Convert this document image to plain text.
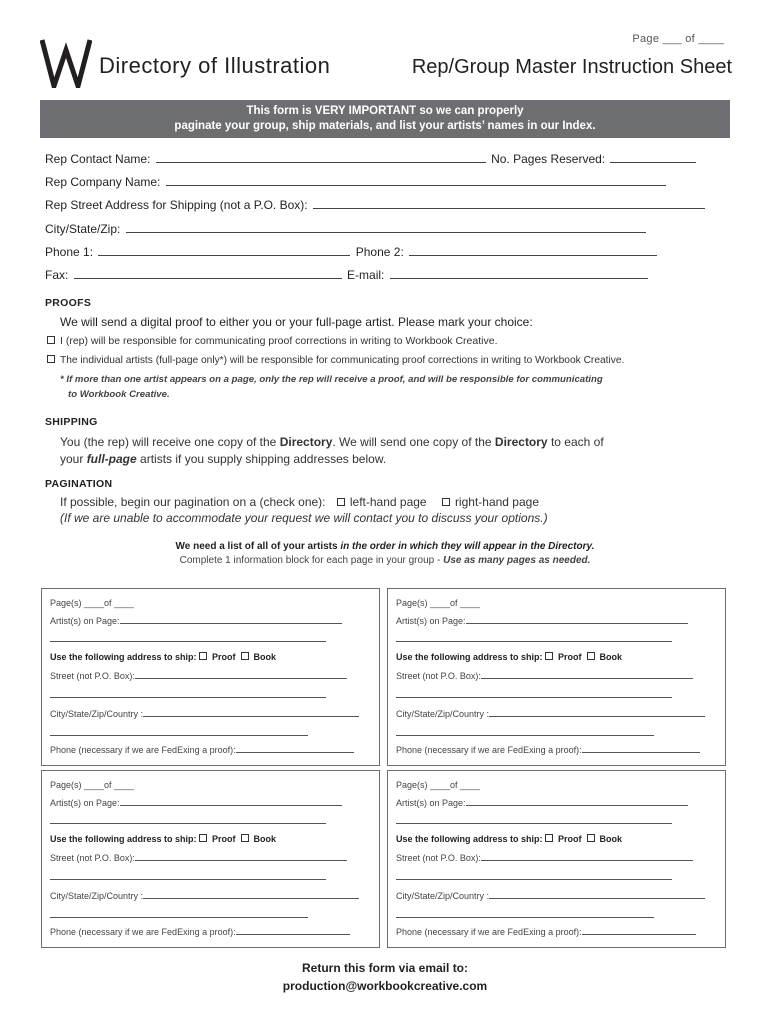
Page ___ of ____
Directory of Illustration	Rep/Group Master Instruction Sheet
This form is VERY IMPORTANT so we can properly
paginate your group, ship materials, and list your artists’ names in our Index.
Rep Contact Name:	No. Pages Reserved:
Rep Company Name:
Rep Street Address for Shipping (not a P.O. Box):
City/State/Zip:
Phone 1:	Phone 2:
Fax:	E-mail:
PROOFS
We will send a digital proof to either you or your full-page artist. Please mark your choice:
I (rep) will be responsible for communicating proof corrections in writing to Workbook Creative.
The individual artists (full-page only*) will be responsible for communicating proof corrections in writing to Workbook Creative.
* If more than one artist appears on a page, only the rep will receive a proof, and will be responsible for communicating
to Workbook Creative.
SHIPPING
You (the rep) will receive one copy of the Directory. We will send one copy of the Directory to each of
your full-page artists if you supply shipping addresses below.
PAGINATION
If possible, begin our pagination on a (check one): left-hand page right-hand page
(If we are unable to accommodate your request we will contact you to discuss your options.)
We need a list of all of your artists in the order in which they will appear in the Directory.
Complete 1 information block for each page in your group - Use as many pages as needed.
Page(s) ____of ____
Artist(s) on Page:
Use the following address to ship: Proof Book
Street (not P.O. Box):
City/State/Zip/Country :
Phone (necessary if we are FedExing a proof):
Page(s) ____of ____
Artist(s) on Page:
Use the following address to ship: Proof Book
Street (not P.O. Box):
City/State/Zip/Country :
Phone (necessary if we are FedExing a proof):
Page(s) ____of ____
Artist(s) on Page:
Use the following address to ship: Proof Book
Street (not P.O. Box):
City/State/Zip/Country :
Phone (necessary if we are FedExing a proof):
Page(s) ____of ____
Artist(s) on Page:
Use the following address to ship: Proof Book
Street (not P.O. Box):
City/State/Zip/Country :
Phone (necessary if we are FedExing a proof):
Return this form via email to:
production@workbookcreative.com
